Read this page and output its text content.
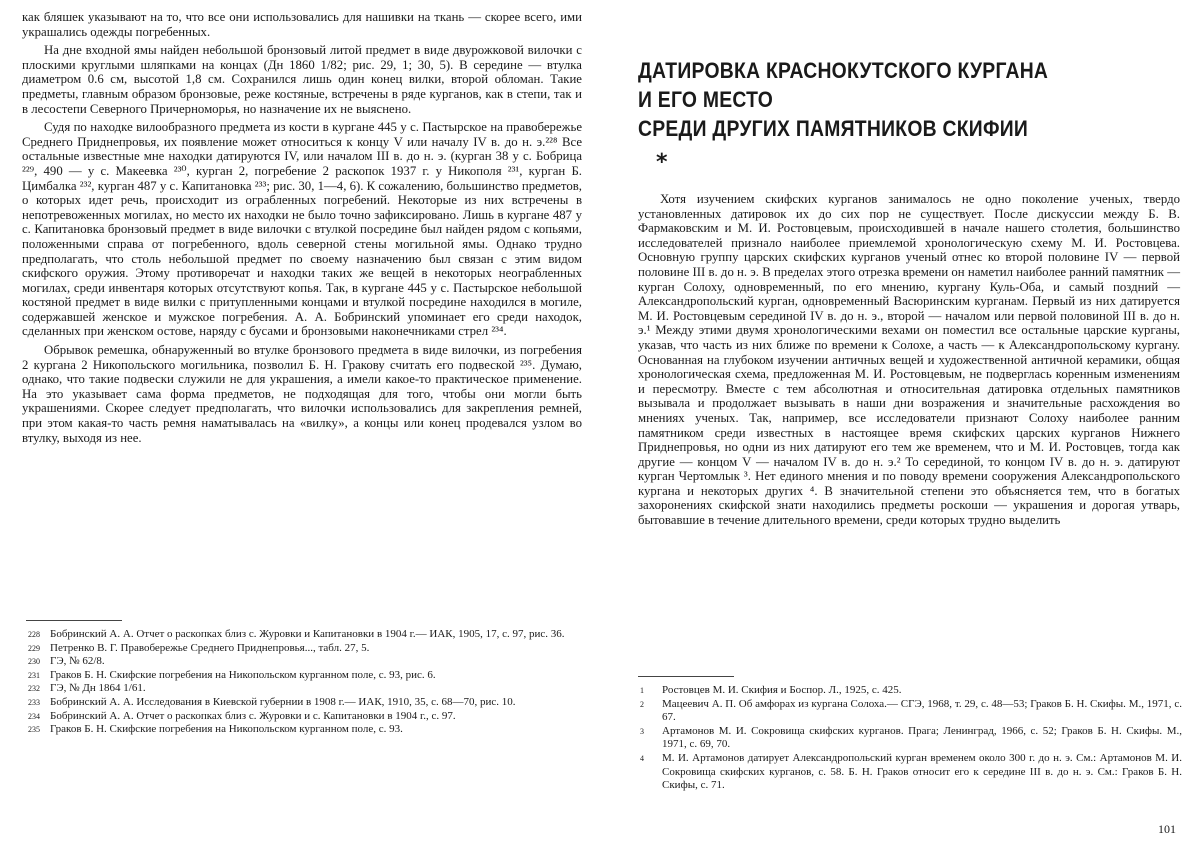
как бляшек указывают на то, что все они использовались для нашивки на ткань — скорее всего, ими украшались одежды погребенных.

На дне входной ямы найден небольшой бронзовый литой предмет в виде двурожковой вилочки с плоскими круглыми шляпками на концах (Дн 1860 1/82; рис. 29, 1; 30, 5). В середине — втулка диаметром 0.6 см, высотой 1,8 см. Сохранился лишь один конец вилки, второй обломан. Такие предметы, главным образом бронзовые, реже костяные, встречены в ряде курганов, как в степи, так и в лесостепи Северного Причерноморья, но назначение их не выяснено.

Судя по находке вилообразного предмета из кости в кургане 445 у с. Пастырское на правобережье Среднего Приднепровья, их появление может относиться к концу V или началу IV в. до н. э.²²⁸ Все остальные известные мне находки датируются IV, или началом III в. до н. э. (курган 38 у с. Бобрица ²²⁹, 490 — у с. Макеевка ²³⁰, курган 2, погребение 2 раскопок 1937 г. у Никополя ²³¹, курган Б. Цимбалка ²³², курган 487 у с. Капитановка ²³³; рис. 30, 1—4, 6). К сожалению, большинство предметов, о которых идет речь, происходит из ограбленных погребений. Некоторые из них встречены в непотревоженных могилах, но место их находки не было точно зафиксировано. Лишь в кургане 487 у с. Капитановка бронзовый предмет в виде вилочки с втулкой посредине был найден рядом с копьями, положенными справа от погребенного, вдоль северной стены могильной ямы. Однако трудно предполагать, что столь небольшой предмет по своему назначению был связан с этим видом скифского оружия. Этому противоречат и находки таких же вещей в некоторых неограбленных могилах, среди инвентаря которых отсутствуют копья. Так, в кургане 445 у с. Пастырское небольшой костяной предмет в виде вилки с притупленными концами и втулкой посредине находился в могиле, содержавшей женское и мужское погребения. А. А. Бобринский упоминает его среди находок, сделанных при женском остове, наряду с бусами и бронзовыми наконечниками стрел ²³⁴.

Обрывок ремешка, обнаруженный во втулке бронзового предмета в виде вилочки, из погребения 2 кургана 2 Никопольского могильника, позволил Б. Н. Гракову считать его подвеской ²³⁵. Думаю, однако, что такие подвески служили не для украшения, а имели какое-то практическое применение. На это указывает сама форма предметов, не подходящая для того, чтобы они могли быть украшениями. Скорее следует предполагать, что вилочки использовались для закрепления ремней, при этом какая-то часть ремня наматывалась на «вилку», а концы или конец продевался узлом во втулку, выходя из нее.

228 Бобринский А. А. Отчет о раскопках близ с. Журовки и Капитановки в 1904 г.— ИАК, 1905, 17, с. 97, рис. 36.
229 Петренко В. Г. Правобережье Среднего Приднепровья..., табл. 27, 5.
230 ГЭ, № 62/8.
231 Граков Б. Н. Скифские погребения на Никопольском курганном поле, с. 93, рис. 6.
232 ГЭ, № Дн 1864 1/61.
233 Бобринский А. А. Исследования в Киевской губернии в 1908 г.— ИАК, 1910, 35, с. 68—70, рис. 10.
234 Бобринский А. А. Отчет о раскопках близ с. Журовки и с. Капитановки в 1904 г., с. 97.
235 Граков Б. Н. Скифские погребения на Никопольском курганном поле, с. 93.
ДАТИРОВКА КРАСНОКУТСКОГО КУРГАНА
И ЕГО МЕСТО
СРЕДИ ДРУГИХ ПАМЯТНИКОВ СКИФИИ
*

Хотя изучением скифских курганов занималось не одно поколение ученых, твердо установленных датировок их до сих пор не существует. После дискуссии между Б. В. Фармаковским и М. И. Ростовцевым, происходившей в начале нашего столетия, большинство исследователей признало наиболее приемлемой хронологическую схему М. И. Ростовцева. Основную группу царских скифских курганов ученый отнес ко второй половине IV — первой половине III в. до н. э. В пределах этого отрезка времени он наметил наиболее ранний памятник — курган Солоху, одновременный, по его мнению, кургану Куль-Оба, и самый поздний — Александропольский курган, одновременный Васюринским курганам. Первый из них датируется М. И. Ростовцевым серединой IV в. до н. э., второй — началом или первой половиной III в. до н. э.¹ Между этими двумя хронологическими вехами он поместил все остальные царские курганы, указав, что часть из них ближе по времени к Солохе, а часть — к Александропольскому кургану. Основанная на глубоком изучении античных вещей и художественной античной керамики, общая хронологическая схема, предложенная М. И. Ростовцевым, не подверглась коренным изменениям и пересмотру. Вместе с тем абсолютная и относительная датировка отдельных памятников вызывала и продолжает вызывать в наши дни возражения и значительные расхождения во мнениях ученых. Так, например, все исследователи признают Солоху наиболее ранним памятником среди известных в настоящее время скифских царских курганов Нижнего Приднепровья, но одни из них датируют его тем же временем, что и М. И. Ростовцев, тогда как другие — концом V — началом IV в. до н. э.² То серединой, то концом IV в. до н. э. датируют курган Чертомлык ³. Нет единого мнения и по поводу времени сооружения Александропольского кургана и некоторых других ⁴. В значительной степени это объясняется тем, что в богатых захоронениях скифской знати находились предметы роскоши — украшения и дорогая утварь, бытовавшие в течение длительного времени, среди которых трудно выделить

1	Ростовцев М. И. Скифия и Боспор. Л., 1925, с. 425.
2	Мацеевич А. П. Об амфорах из кургана Солоха.— СГЭ, 1968, т. 29, с. 48—53; Граков Б. Н. Скифы. М., 1971, с. 67.
3	Артамонов М. И. Сокровища скифских курганов. Прага; Ленинград, 1966, с. 52; Граков Б. Н. Скифы. М., 1971, с. 69, 70.
4	М. И. Артамонов датирует Александропольский курган временем около 300 г. до н. э. См.: Артамонов М. И. Сокровища скифских курганов, с. 58. Б. Н. Граков относит его к середине III в. до н. э. См.: Граков Б. Н. Скифы, с. 71.
101
